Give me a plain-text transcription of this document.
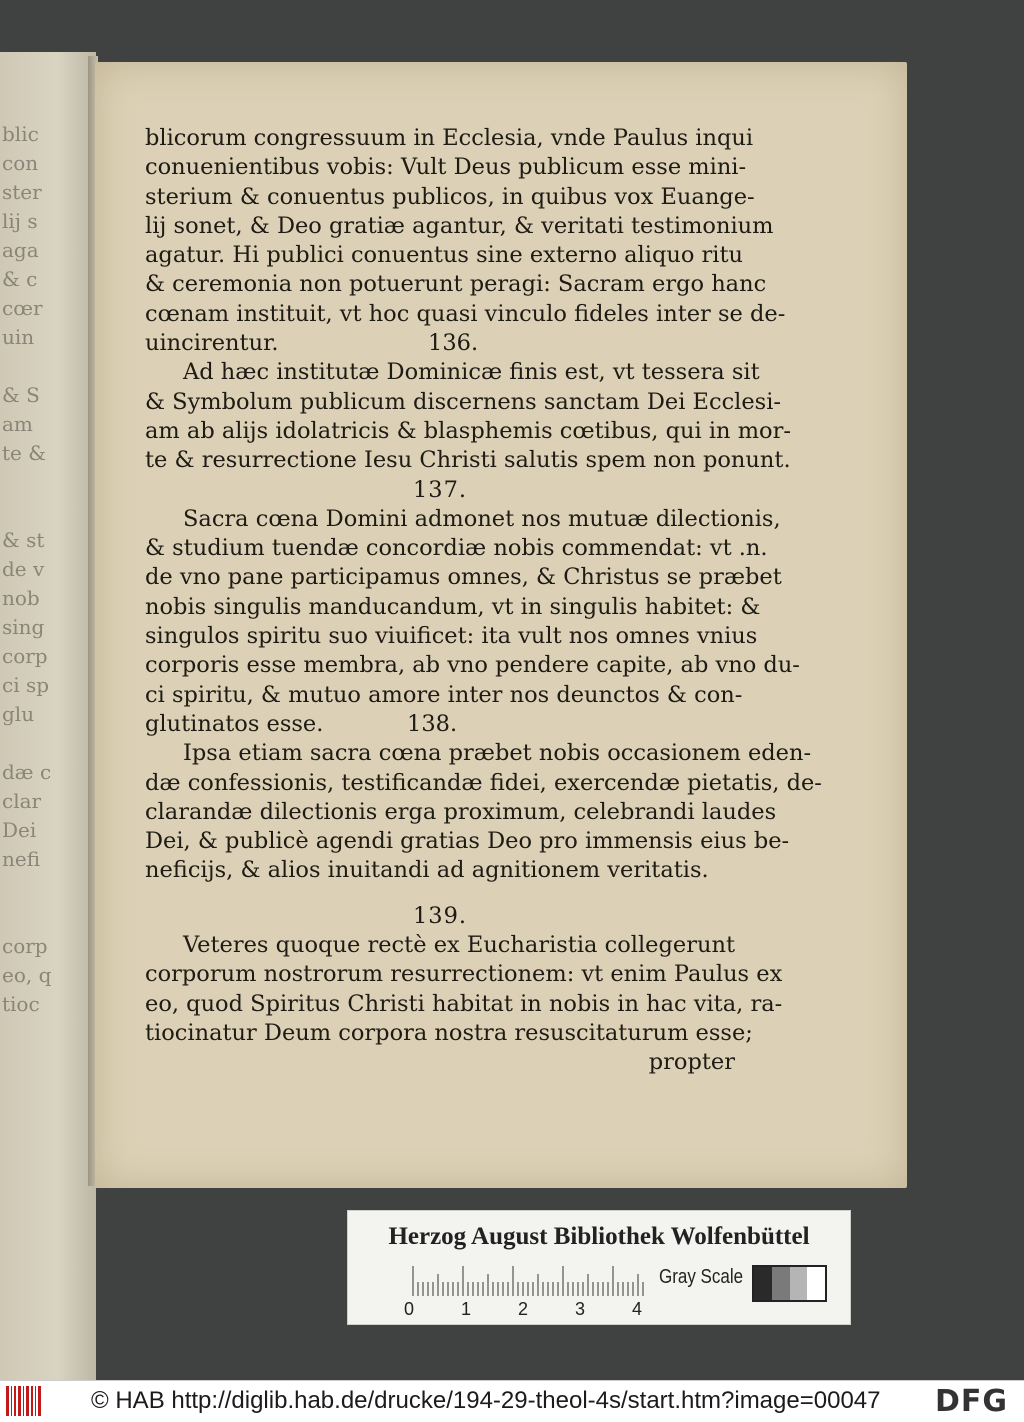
blic
con
ster
lij s
aga
& c
cœr
uin

& S
am
te &

& st
de v
nob
sing
corp
ci sp
glu

dæ c
clar
Dei
nefi

corp
eo, q
tioc
blicorum congressuum in Ecclesia, vnde Paulus inqui
conuenientibus vobis: Vult Deus publicum esse mini-
sterium & conuentus publicos, in quibus vox Euange-
lij sonet, & Deo gratiæ agantur, & veritati testimonium
agatur. Hi publici conuentus sine externo aliquo ritu
& ceremonia non potuerunt peragi: Sacram ergo hanc
cœnam instituit, vt hoc quasi vinculo fideles inter se de-
uincirentur.	136.
Ad hæc institutæ Dominicæ finis est, vt tessera sit
& Symbolum publicum discernens sanctam Dei Ecclesi-
am ab alijs idolatricis & blasphemis cœtibus, qui in mor-
te & resurrectione Iesu Christi salutis spem non ponunt.
137.
Sacra cœna Domini admonet nos mutuæ dilectionis,
& studium tuendæ concordiæ nobis commendat: vt .n.
de vno pane participamus omnes, & Christus se præbet
nobis singulis manducandum, vt in singulis habitet: &
singulos spiritu suo viuificet: ita vult nos omnes vnius
corporis esse membra, ab vno pendere capite, ab vno du-
ci spiritu, & mutuo amore inter nos deunctos & con-
glutinatos esse.	138.
Ipsa etiam sacra cœna præbet nobis occasionem eden-
dæ confessionis, testificandæ fidei, exercendæ pietatis, de-
clarandæ dilectionis erga proximum, celebrandi laudes
Dei, & publicè agendi gratias Deo pro immensis eius be-
neficijs, & alios inuitandi ad agnitionem veritatis.
139.
Veteres quoque rectè ex Eucharistia collegerunt
corporum nostrorum resurrectionem: vt enim Paulus ex
eo, quod Spiritus Christi habitat in nobis in hac vita, ra-
tiocinatur Deum corpora nostra resuscitaturum esse;
propter
Herzog August Bibliothek Wolfenbüttel
0	1	2	3	4
Gray Scale
© HAB http://diglib.hab.de/drucke/194-29-theol-4s/start.htm?image=00047 DFG
